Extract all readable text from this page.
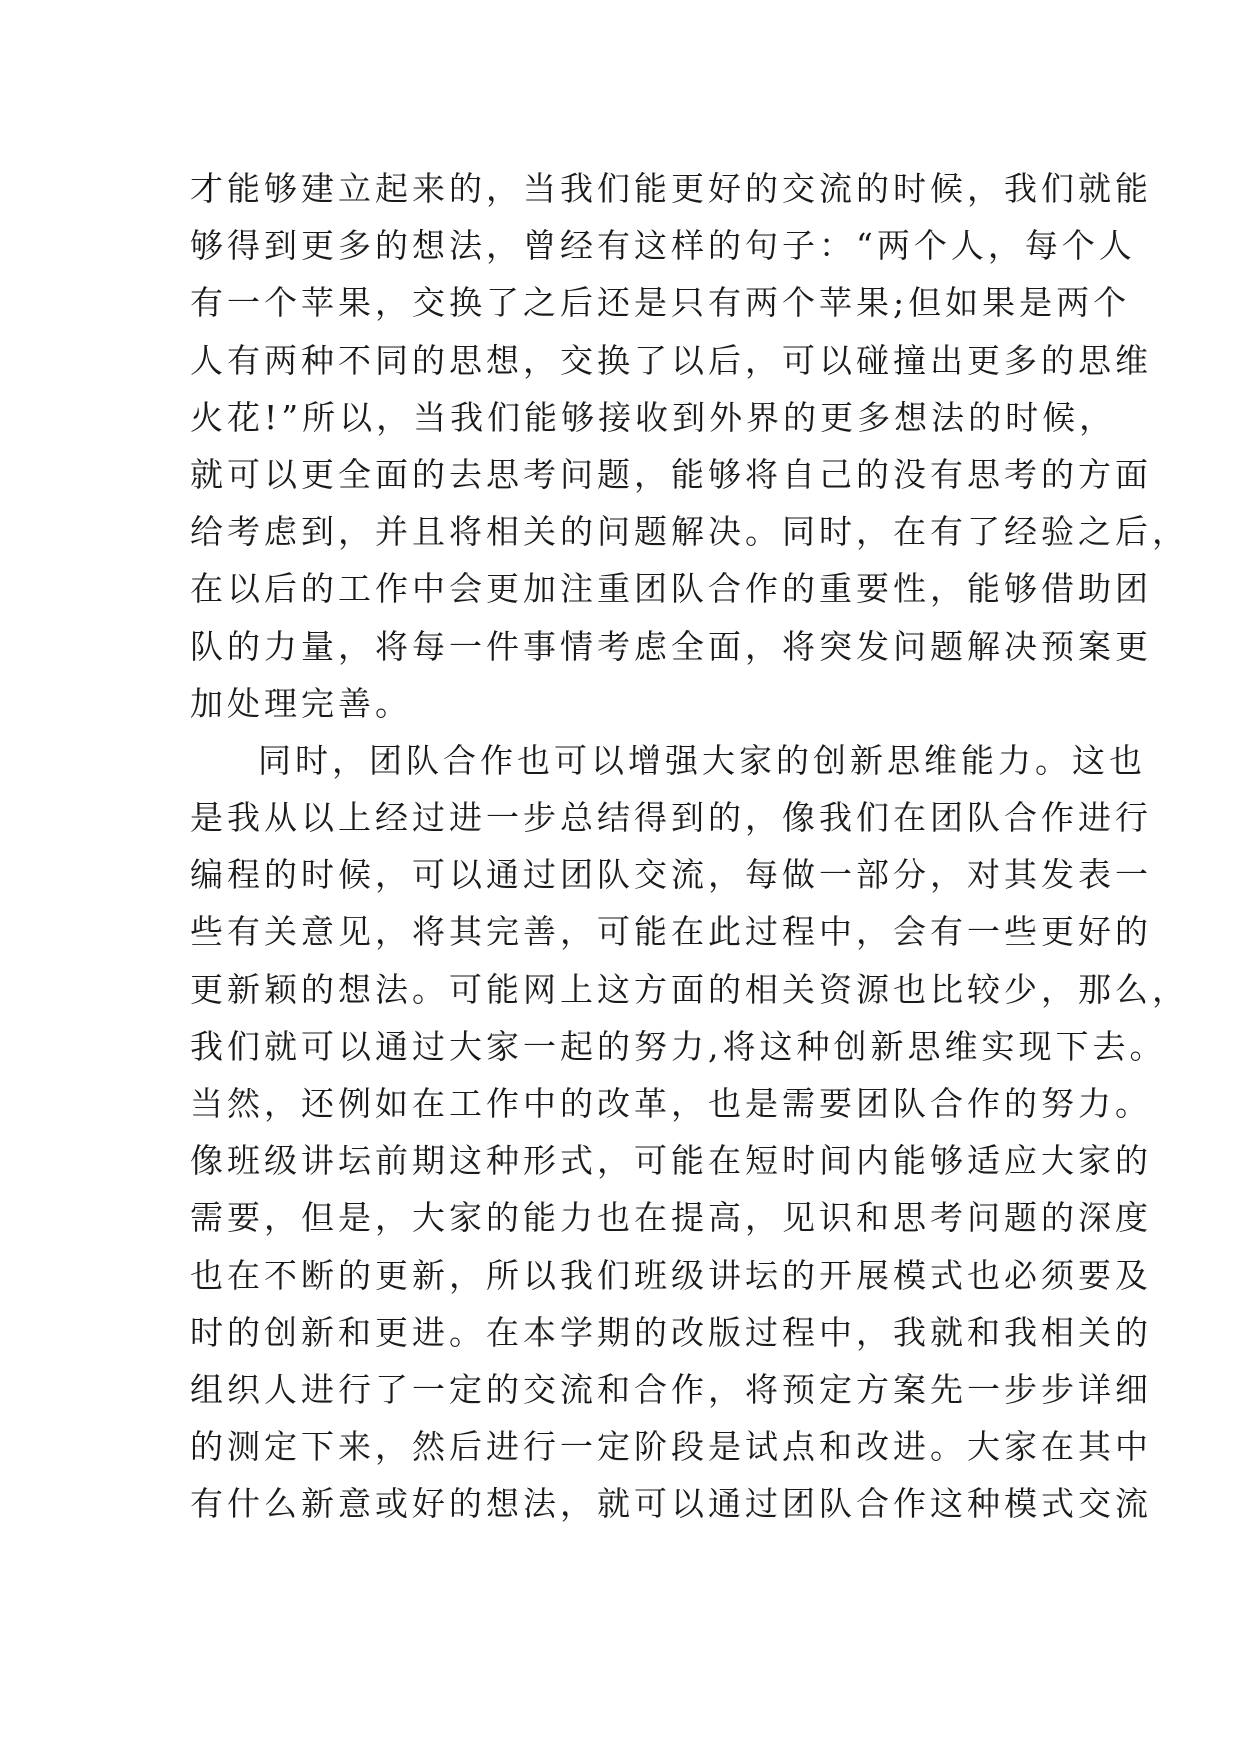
才能够建立起来的，当我们能更好的交流的时候，我们就能
够得到更多的想法，曾经有这样的句子：“两个人，每个人
有一个苹果，交换了之后还是只有两个苹果;但如果是两个
人有两种不同的思想，交换了以后，可以碰撞出更多的思维
火花!”所以，当我们能够接收到外界的更多想法的时候，
就可以更全面的去思考问题，能够将自己的没有思考的方面
给考虑到，并且将相关的问题解决。同时，在有了经验之后，
在以后的工作中会更加注重团队合作的重要性，能够借助团
队的力量，将每一件事情考虑全面，将突发问题解决预案更
加处理完善。
同时，团队合作也可以增强大家的创新思维能力。这也
是我从以上经过进一步总结得到的，像我们在团队合作进行
编程的时候，可以通过团队交流，每做一部分，对其发表一
些有关意见，将其完善，可能在此过程中，会有一些更好的
更新颖的想法。可能网上这方面的相关资源也比较少，那么，
我们就可以通过大家一起的努力,将这种创新思维实现下去。
当然，还例如在工作中的改革，也是需要团队合作的努力。
像班级讲坛前期这种形式，可能在短时间内能够适应大家的
需要，但是，大家的能力也在提高，见识和思考问题的深度
也在不断的更新，所以我们班级讲坛的开展模式也必须要及
时的创新和更进。在本学期的改版过程中，我就和我相关的
组织人进行了一定的交流和合作，将预定方案先一步步详细
的测定下来，然后进行一定阶段是试点和改进。大家在其中
有什么新意或好的想法，就可以通过团队合作这种模式交流
